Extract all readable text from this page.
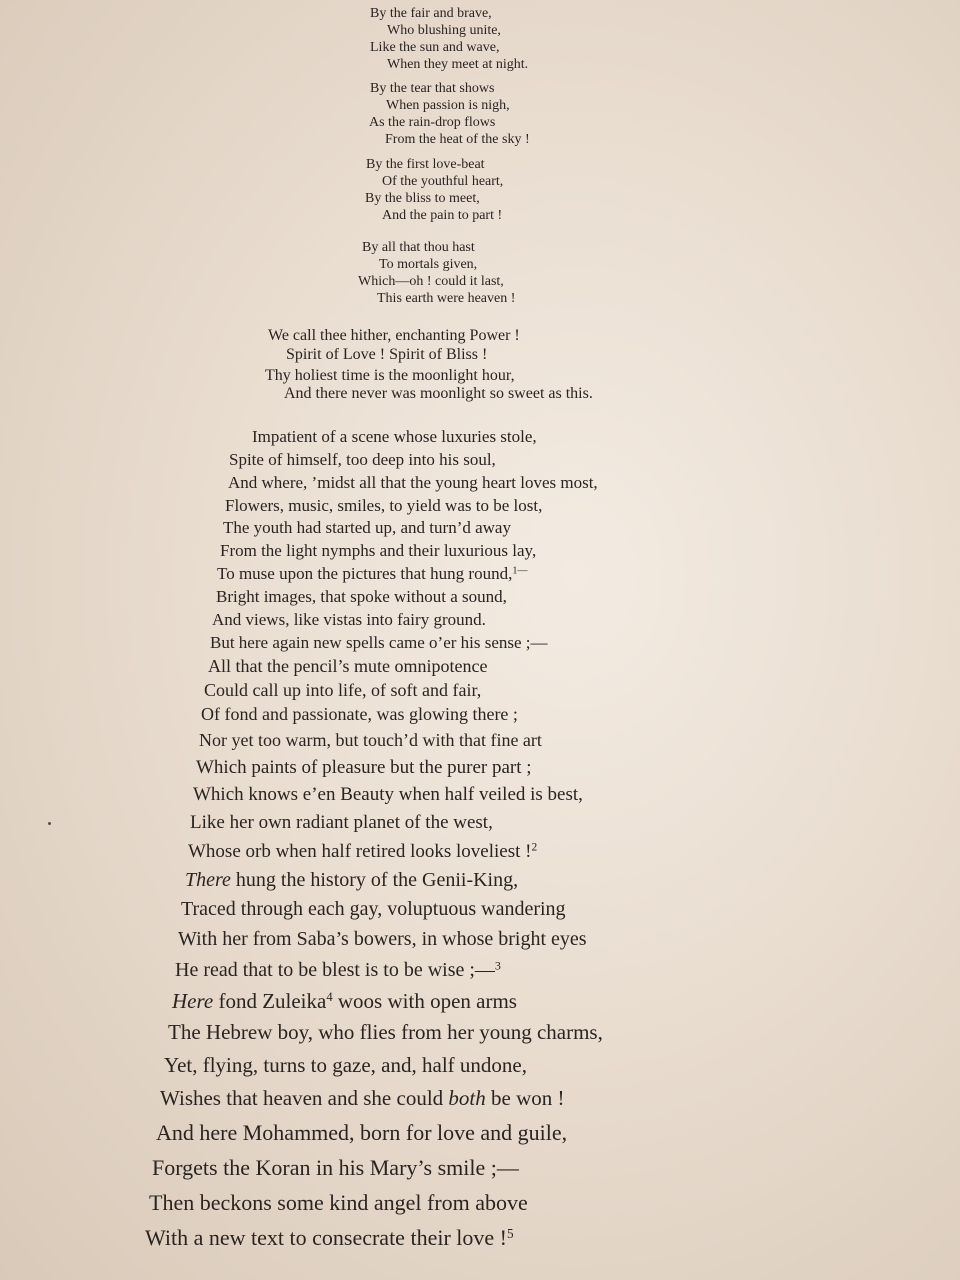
By the fair and brave,
Who blushing unite,
Like the sun and wave,
When they meet at night.
By the tear that shows
When passion is nigh,
As the rain-drop flows
From the heat of the sky !
By the first love-beat
Of the youthful heart,
By the bliss to meet,
And the pain to part !
By all that thou hast
To mortals given,
Which—oh ! could it last,
This earth were heaven !
We call thee hither, enchanting Power !
Spirit of Love ! Spirit of Bliss !
Thy holiest time is the moonlight hour,
And there never was moonlight so sweet as this.
Impatient of a scene whose luxuries stole,
Spite of himself, too deep into his soul,
And where, ’midst all that the young heart loves most,
Flowers, music, smiles, to yield was to be lost,
The youth had started up, and turn’d away
From the light nymphs and their luxurious lay,
To muse upon the pictures that hung round,$^{1—}$
Bright images, that spoke without a sound,
And views, like vistas into fairy ground.
But here again new spells came o’er his sense ;—
All that the pencil’s mute omnipotence
Could call up into life, of soft and fair,
Of fond and passionate, was glowing there ;
Nor yet too warm, but touch’d with that fine art
Which paints of pleasure but the purer part ;
Which knows e’en Beauty when half veiled is best,
Like her own radiant planet of the west,
Whose orb when half retired looks loveliest !$^2$
There hung the history of the Genii-King,
Traced through each gay, voluptuous wandering
With her from Saba’s bowers, in whose bright eyes
He read that to be blest is to be wise ;—$^3$
Here fond Zuleika$^4$ woos with open arms
The Hebrew boy, who flies from her young charms,
Yet, flying, turns to gaze, and, half undone,
Wishes that heaven and she could both be won !
And here Mohammed, born for love and guile,
Forgets the Koran in his Mary’s smile ;—
Then beckons some kind angel from above
With a new text to consecrate their love !$^5$
